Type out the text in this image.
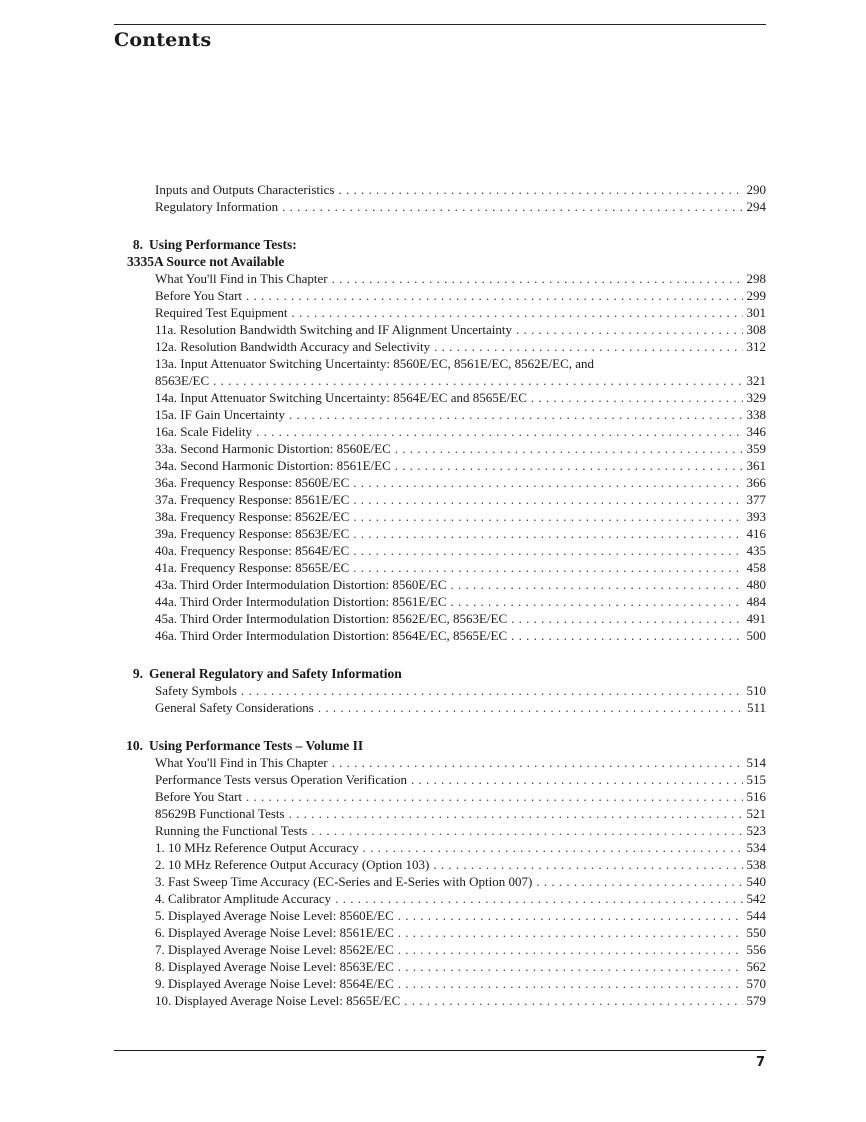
Contents
Inputs and Outputs Characteristics . . .	290
Regulatory Information . . .	294
8. Using Performance Tests:
3335A Source not Available
What You'll Find in This Chapter . . .	298
Before You Start . . .	299
Required Test Equipment . . .	301
11a. Resolution Bandwidth Switching and IF Alignment Uncertainty . . .	308
12a. Resolution Bandwidth Accuracy and Selectivity . . .	312
13a. Input Attenuator Switching Uncertainty: 8560E/EC, 8561E/EC, 8562E/EC, and
8563E/EC . . .	321
14a. Input Attenuator Switching Uncertainty: 8564E/EC and 8565E/EC . . .	329
15a. IF Gain Uncertainty . . .	338
16a. Scale Fidelity . . .	346
33a. Second Harmonic Distortion: 8560E/EC . . .	359
34a. Second Harmonic Distortion: 8561E/EC . . .	361
36a. Frequency Response: 8560E/EC . . .	366
37a. Frequency Response: 8561E/EC . . .	377
38a. Frequency Response: 8562E/EC . . .	393
39a. Frequency Response: 8563E/EC . . .	416
40a. Frequency Response: 8564E/EC . . .	435
41a. Frequency Response: 8565E/EC . . .	458
43a. Third Order Intermodulation Distortion: 8560E/EC . . .	480
44a. Third Order Intermodulation Distortion: 8561E/EC . . .	484
45a. Third Order Intermodulation Distortion: 8562E/EC, 8563E/EC . . .	491
46a. Third Order Intermodulation Distortion: 8564E/EC, 8565E/EC . . .	500
9. General Regulatory and Safety Information
Safety Symbols . . .	510
General Safety Considerations . . .	511
10. Using Performance Tests – Volume II
What You'll Find in This Chapter . . .	514
Performance Tests versus Operation Verification . . .	515
Before You Start . . .	516
85629B Functional Tests . . .	521
Running the Functional Tests . . .	523
1. 10 MHz Reference Output Accuracy . . .	534
2. 10 MHz Reference Output Accuracy (Option 103) . . .	538
3. Fast Sweep Time Accuracy (EC-Series and E-Series with Option 007) . . .	540
4. Calibrator Amplitude Accuracy . . .	542
5. Displayed Average Noise Level: 8560E/EC . . .	544
6. Displayed Average Noise Level: 8561E/EC . . .	550
7. Displayed Average Noise Level: 8562E/EC . . .	556
8. Displayed Average Noise Level: 8563E/EC . . .	562
9. Displayed Average Noise Level: 8564E/EC . . .	570
10. Displayed Average Noise Level: 8565E/EC . . .	579
7
